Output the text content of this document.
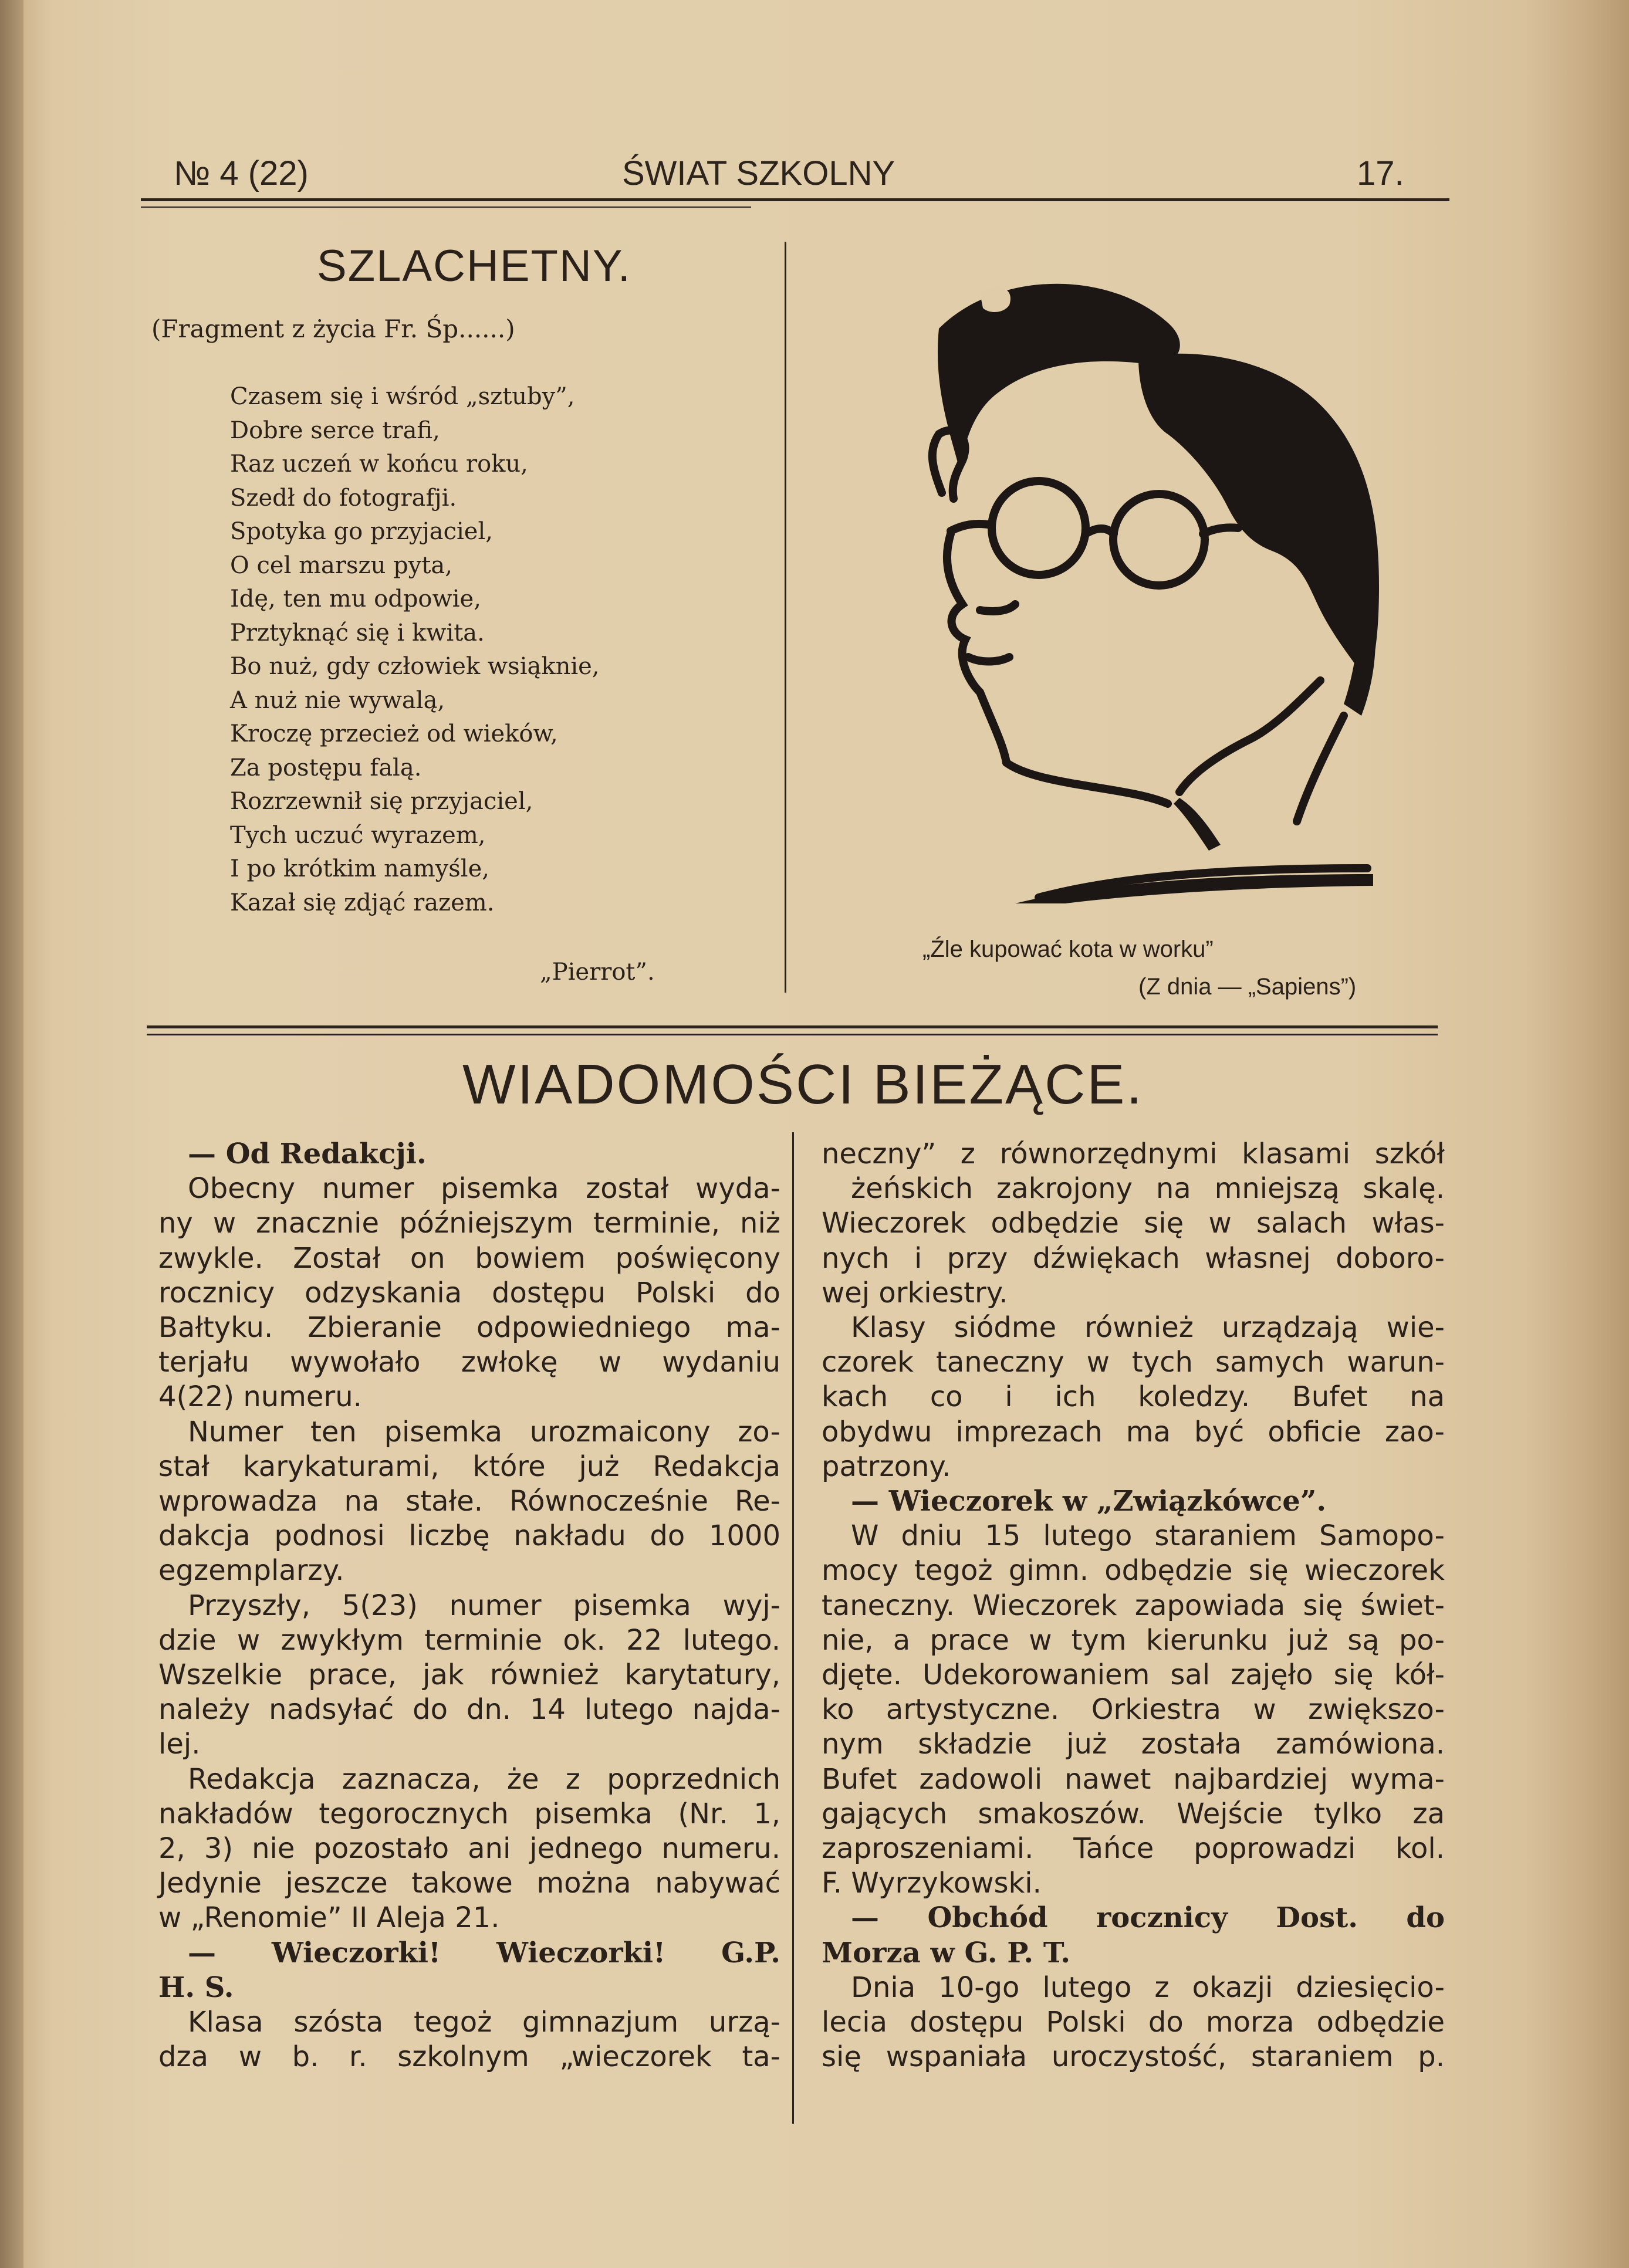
№ 4 (22)	ŚWIAT SZKOLNY	17.
SZLACHETNY.
(Fragment z życia Fr. Śp......)
Czasem się i wśród „sztuby”,
Dobre serce trafi,
Raz uczeń w końcu roku,
Szedł do fotografji.
Spotyka go przyjaciel,
O cel marszu pyta,
Idę, ten mu odpowie,
Prztyknąć się i kwita.
Bo nuż, gdy człowiek wsiąknie,
A nuż nie wywalą,
Kroczę przecież od wieków,
Za postępu falą.
Rozrzewnił się przyjaciel,
Tych uczuć wyrazem,
I po krótkim namyśle,
Kazał się zdjąć razem.
„Pierrot”.
„Źle kupować kota w worku”
(Z dnia — „Sapiens”)
WIADOMOŚCI BIEŻĄCE.
— Od Redakcji.
Obecny numer pisemka został wyda-
ny w znacznie późniejszym terminie, niż
zwykle. Został on bowiem poświęcony
rocznicy odzyskania dostępu Polski do
Bałtyku. Zbieranie odpowiedniego ma-
terjału wywołało zwłokę w wydaniu
4(22) numeru.
Numer ten pisemka urozmaicony zo-
stał karykaturami, które już Redakcja
wprowadza na stałe. Równocześnie Re-
dakcja podnosi liczbę nakładu do 1000
egzemplarzy.
Przyszły, 5(23) numer pisemka wyj-
dzie w zwykłym terminie ok. 22 lutego.
Wszelkie prace, jak również karytatury,
należy nadsyłać do dn. 14 lutego najda-
lej.
Redakcja zaznacza, że z poprzednich
nakładów tegorocznych pisemka (Nr. 1,
2, 3) nie pozostało ani jednego numeru.
Jedynie jeszcze takowe można nabywać
w „Renomie” II Aleja 21.
— Wieczorki! Wieczorki! G.P.
H. S.
Klasa szósta tegoż gimnazjum urzą-
dza w b. r. szkolnym „wieczorek ta-
neczny” z równorzędnymi klasami szkół
żeńskich zakrojony na mniejszą skalę.
Wieczorek odbędzie się w salach włas-
nych i przy dźwiękach własnej doboro-
wej orkiestry.
Klasy siódme również urządzają wie-
czorek taneczny w tych samych warun-
kach co i ich koledzy. Bufet na
obydwu imprezach ma być obficie zao-
patrzony.
— Wieczorek w „Związkówce”.
W dniu 15 lutego staraniem Samopo-
mocy tegoż gimn. odbędzie się wieczorek
taneczny. Wieczorek zapowiada się świet-
nie, a prace w tym kierunku już są po-
djęte. Udekorowaniem sal zajęło się kół-
ko artystyczne. Orkiestra w zwiększo-
nym składzie już została zamówiona.
Bufet zadowoli nawet najbardziej wyma-
gających smakoszów. Wejście tylko za
zaproszeniami. Tańce poprowadzi kol.
F. Wyrzykowski.
— Obchód rocznicy Dost. do
Morza w G. P. T.
Dnia 10-go lutego z okazji dziesięcio-
lecia dostępu Polski do morza odbędzie
się wspaniała uroczystość, staraniem p.
